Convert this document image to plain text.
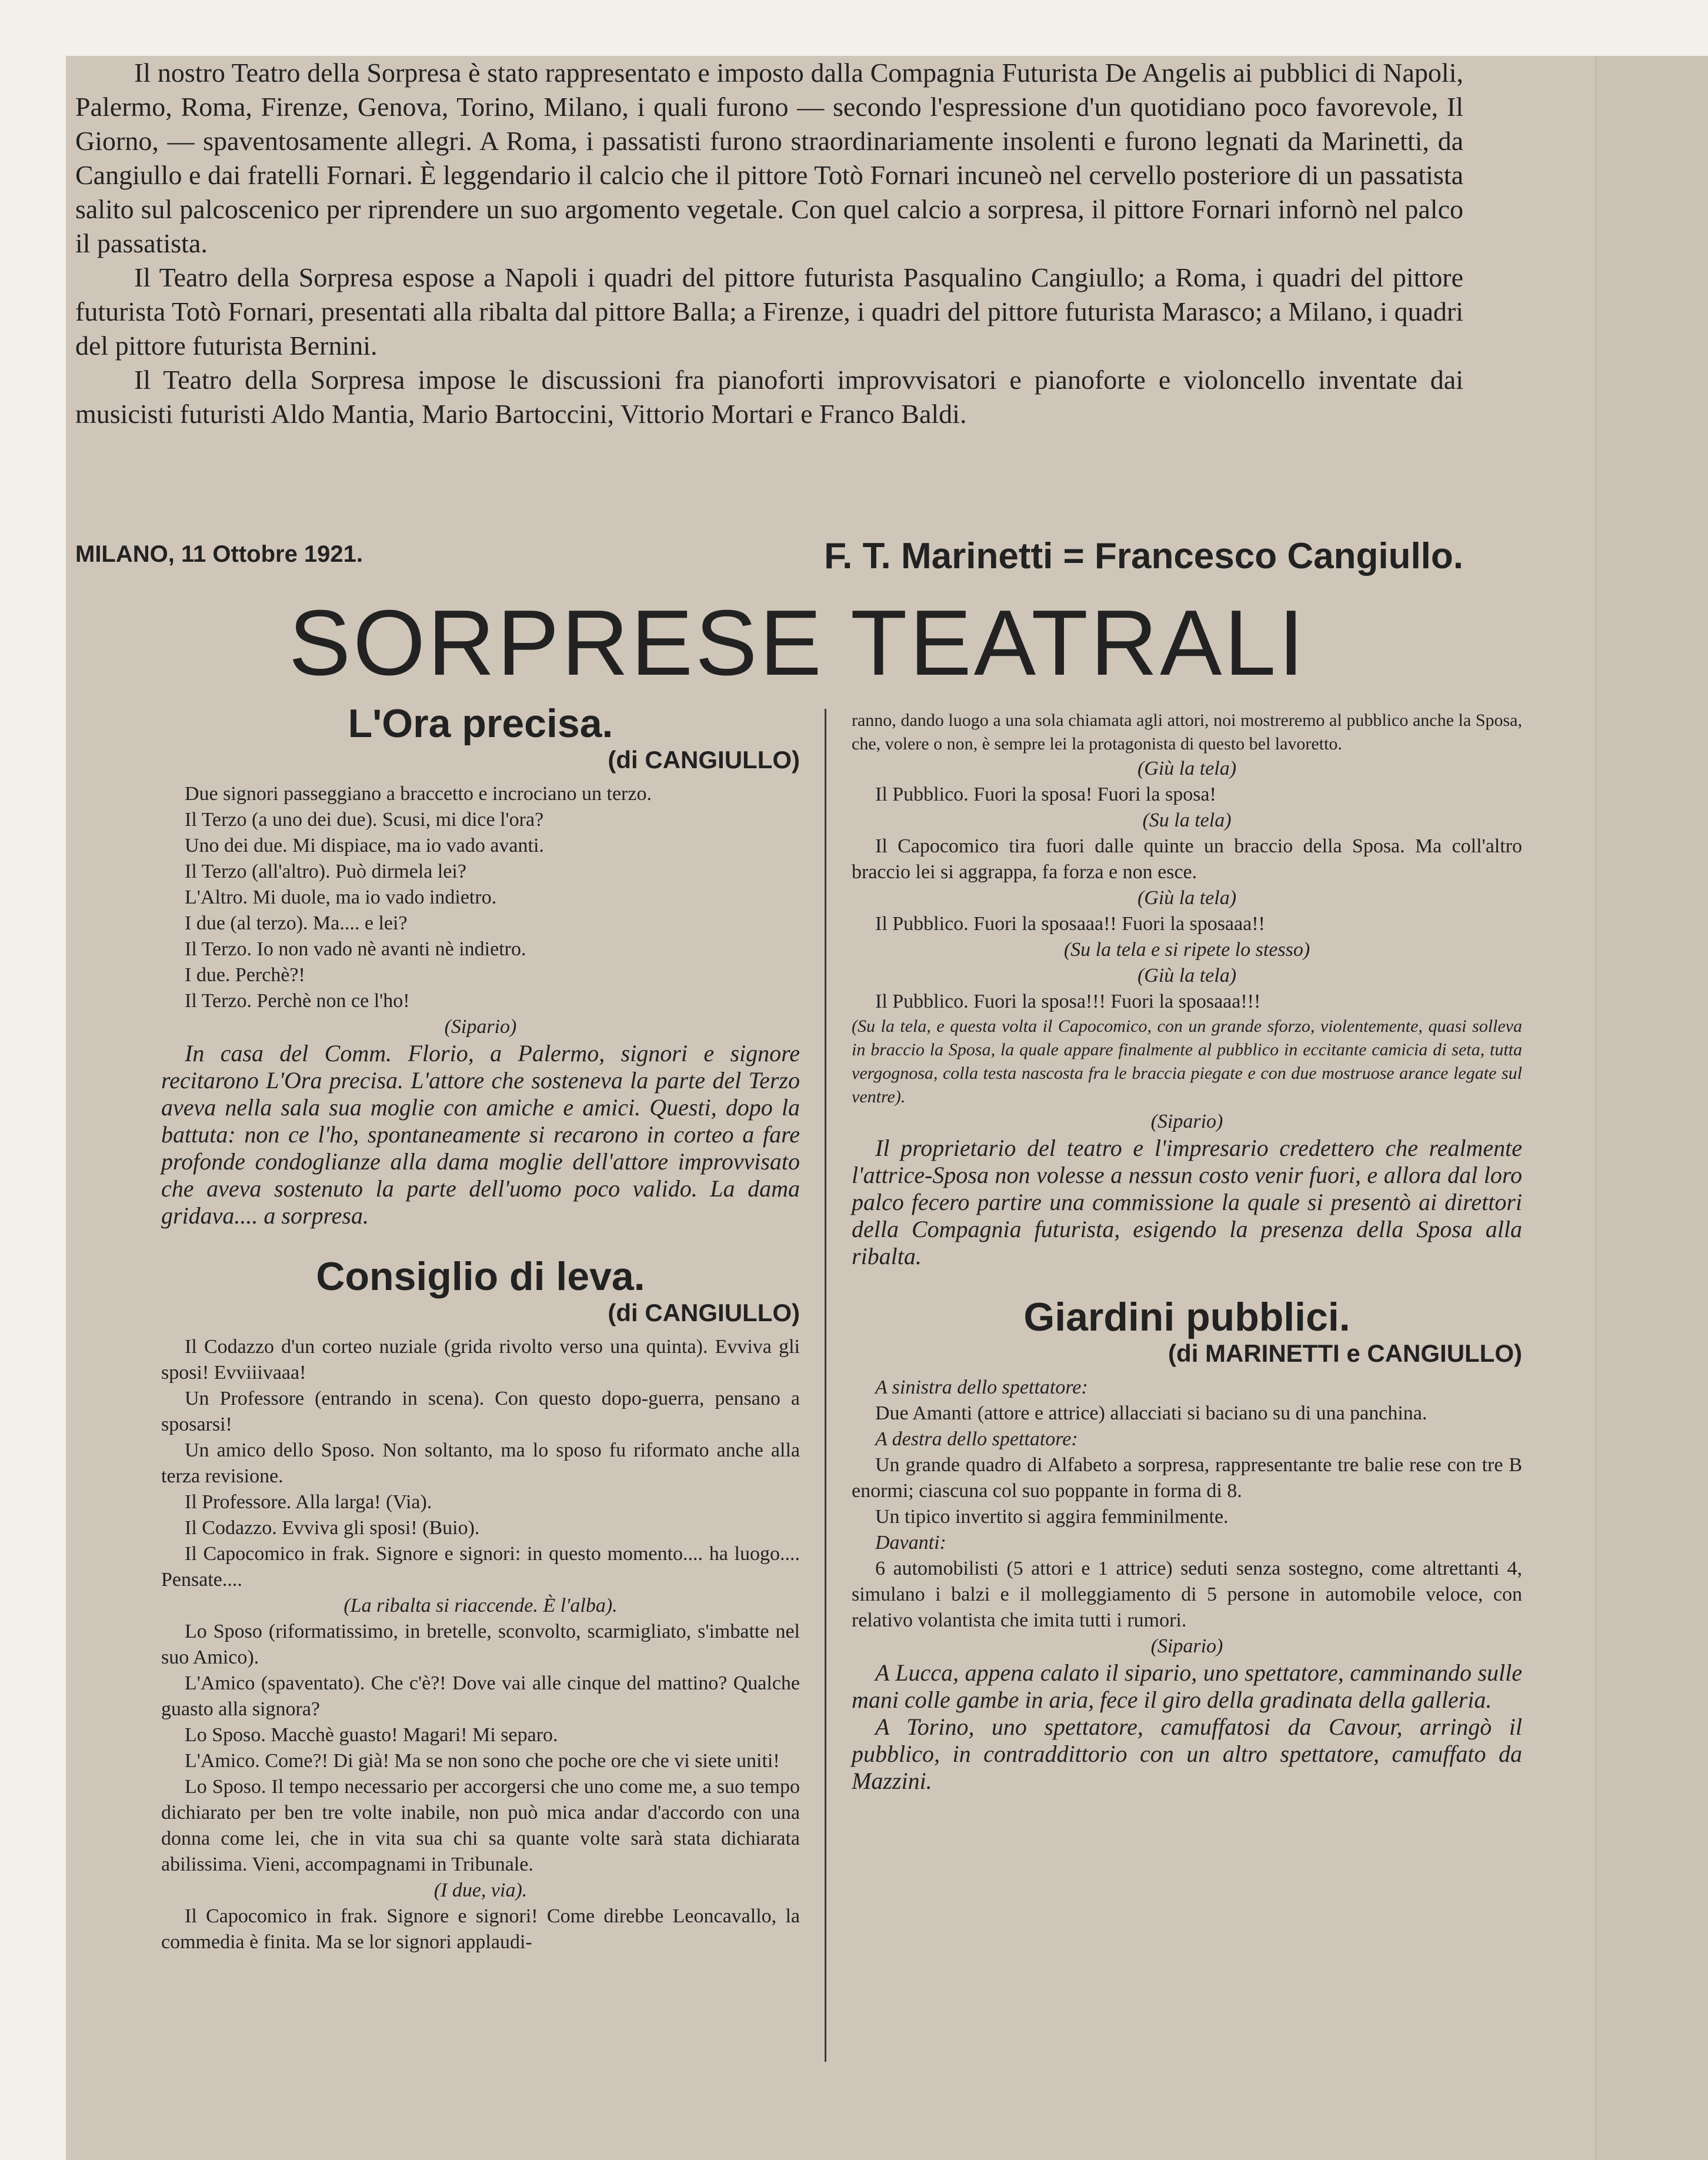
Il nostro Teatro della Sorpresa è stato rappresentato e imposto dalla Compagnia Futurista De Angelis ai pubblici di Napoli, Palermo, Roma, Firenze, Genova, Torino, Milano, i quali furono — secondo l'espressione d'un quotidiano poco favorevole, Il Giorno, — spaventosamente allegri. A Roma, i passatisti furono straordinariamente insolenti e furono legnati da Marinetti, da Cangiullo e dai fratelli Fornari. È leggendario il calcio che il pittore Totò Fornari incuneò nel cervello posteriore di un passatista salito sul palcoscenico per riprendere un suo argomento vegetale. Con quel calcio a sorpresa, il pittore Fornari infornò nel palco il passatista.

Il Teatro della Sorpresa espose a Napoli i quadri del pittore futurista Pasqualino Cangiullo; a Roma, i quadri del pittore futurista Totò Fornari, presentati alla ribalta dal pittore Balla; a Firenze, i quadri del pittore futurista Marasco; a Milano, i quadri del pittore futurista Bernini.

Il Teatro della Sorpresa impose le discussioni fra pianoforti improvvisatori e pianoforte e violoncello inventate dai musicisti futuristi Aldo Mantia, Mario Bartoccini, Vittorio Mortari e Franco Baldi.

MILANO, 11 Ottobre 1921.	F. T. Marinetti = Francesco Cangiullo.
SORPRESE TEATRALI
L'Ora precisa.
(di CANGIULLO)

Due signori passeggiano a braccetto e incrociano un terzo.

Il Terzo (a uno dei due). Scusi, mi dice l'ora?

Uno dei due. Mi dispiace, ma io vado avanti.

Il Terzo (all'altro). Può dirmela lei?

L'Altro. Mi duole, ma io vado indietro.

I due (al terzo). Ma.... e lei?

Il Terzo. Io non vado nè avanti nè indietro.

I due. Perchè?!

Il Terzo. Perchè non ce l'ho!

(Sipario)

In casa del Comm. Florio, a Palermo, signori e signore recitarono L'Ora precisa. L'attore che sosteneva la parte del Terzo aveva nella sala sua moglie con amiche e amici. Questi, dopo la battuta: non ce l'ho, spontaneamente si recarono in corteo a fare profonde condoglianze alla dama moglie dell'attore improvvisato che aveva sostenuto la parte dell'uomo poco valido. La dama gridava.... a sorpresa.

Consiglio di leva.
(di CANGIULLO)

Il Codazzo d'un corteo nuziale (grida rivolto verso una quinta). Evviva gli sposi! Evviiivaaa!

Un Professore (entrando in scena). Con questo dopo-guerra, pensano a sposarsi!

Un amico dello Sposo. Non soltanto, ma lo sposo fu riformato anche alla terza revisione.

Il Professore. Alla larga! (Via).

Il Codazzo. Evviva gli sposi! (Buio).

Il Capocomico in frak. Signore e signori: in questo momento.... ha luogo.... Pensate....

(La ribalta si riaccende. È l'alba).

Lo Sposo (riformatissimo, in bretelle, sconvolto, scarmigliato, s'imbatte nel suo Amico).

L'Amico (spaventato). Che c'è?! Dove vai alle cinque del mattino? Qualche guasto alla signora?

Lo Sposo. Macchè guasto! Magari! Mi separo.

L'Amico. Come?! Di già! Ma se non sono che poche ore che vi siete uniti!

Lo Sposo. Il tempo necessario per accorgersi che uno come me, a suo tempo dichiarato per ben tre volte inabile, non può mica andar d'accordo con una donna come lei, che in vita sua chi sa quante volte sarà stata dichiarata abilissima. Vieni, accompagnami in Tribunale.

(I due, via).

Il Capocomico in frak. Signore e signori! Come direbbe Leoncavallo, la commedia è finita. Ma se lor signori applaudi-

ranno, dando luogo a una sola chiamata agli attori, noi mostreremo al pubblico anche la Sposa, che, volere o non, è sempre lei la protagonista di questo bel lavoretto.

(Giù la tela)

Il Pubblico. Fuori la sposa! Fuori la sposa!

(Su la tela)

Il Capocomico tira fuori dalle quinte un braccio della Sposa. Ma coll'altro braccio lei si aggrappa, fa forza e non esce.

(Giù la tela)

Il Pubblico. Fuori la sposaaa!! Fuori la sposaaa!!

(Su la tela e si ripete lo stesso)

(Giù la tela)

Il Pubblico. Fuori la sposa!!! Fuori la sposaaa!!!

(Su la tela, e questa volta il Capocomico, con un grande sforzo, violentemente, quasi solleva in braccio la Sposa, la quale appare finalmente al pubblico in eccitante camicia di seta, tutta vergognosa, colla testa nascosta fra le braccia piegate e con due mostruose arance legate sul ventre).

(Sipario)

Il proprietario del teatro e l'impresario credettero che realmente l'attrice-Sposa non volesse a nessun costo venir fuori, e allora dal loro palco fecero partire una commissione la quale si presentò ai direttori della Compagnia futurista, esigendo la presenza della Sposa alla ribalta.

Giardini pubblici.
(di MARINETTI e CANGIULLO)

A sinistra dello spettatore:

Due Amanti (attore e attrice) allacciati si baciano su di una panchina.

A destra dello spettatore:

Un grande quadro di Alfabeto a sorpresa, rappresentante tre balie rese con tre B enormi; ciascuna col suo poppante in forma di 8.

Un tipico invertito si aggira femminilmente.

Davanti:

6 automobilisti (5 attori e 1 attrice) seduti senza sostegno, come altrettanti 4, simulano i balzi e il molleggiamento di 5 persone in automobile veloce, con relativo volantista che imita tutti i rumori.

(Sipario)

A Lucca, appena calato il sipario, uno spettatore, camminando sulle mani colle gambe in aria, fece il giro della gradinata della galleria.

A Torino, uno spettatore, camuffatosi da Cavour, arringò il pubblico, in contraddittorio con un altro spettatore, camuffato da Mazzini.
